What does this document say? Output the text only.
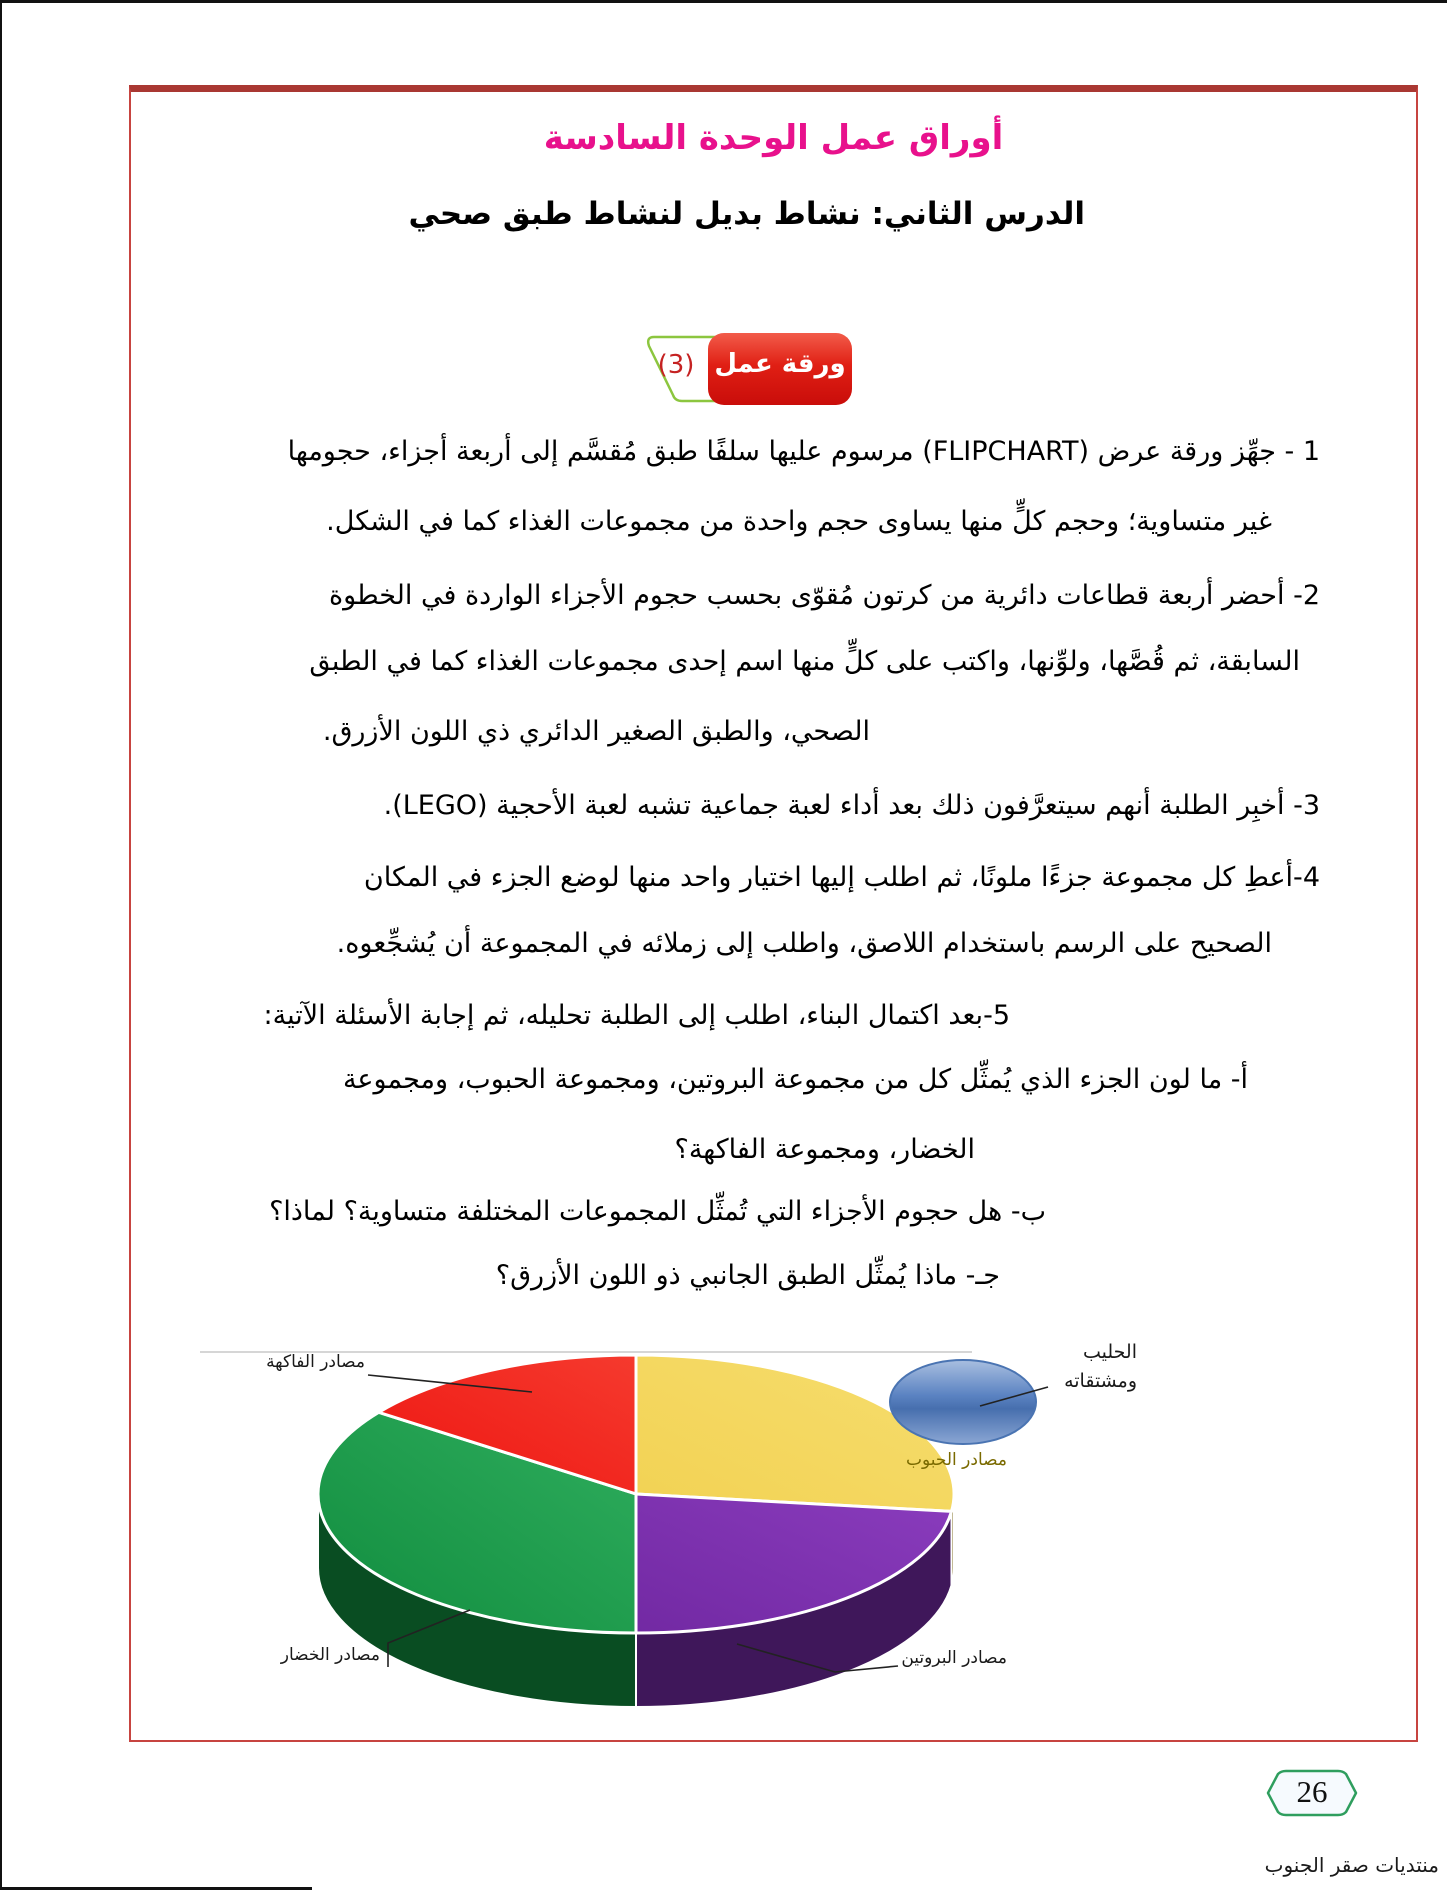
أوراق عمل الوحدة السادسة
الدرس الثاني: نشاط بديل لنشاط طبق صحي
(3) ورقة عمل
1 - جهِّز ورقة عرض (FLIPCHART) مرسوم عليها سلفًا طبق مُقسَّم إلى أربعة أجزاء، حجومها
غير متساوية؛ وحجم كلٍّ منها يساوى حجم واحدة من مجموعات الغذاء كما في الشكل.
2- أحضر أربعة قطاعات دائرية من كرتون مُقوّى بحسب حجوم الأجزاء الواردة في الخطوة
السابقة، ثم قُصَّها، ولوِّنها، واكتب على كلٍّ منها اسم إحدى مجموعات الغذاء كما في الطبق
الصحي، والطبق الصغير الدائري ذي اللون الأزرق.
3- أخبِر الطلبة أنهم سيتعرَّفون ذلك بعد أداء لعبة جماعية تشبه لعبة الأحجية (LEGO).
4-أعطِ كل مجموعة جزءًا ملونًا، ثم اطلب إليها اختيار واحد منها لوضع الجزء في المكان
الصحيح على الرسم باستخدام اللاصق، واطلب إلى زملائه في المجموعة أن يُشجِّعوه.
5-بعد اكتمال البناء، اطلب إلى الطلبة تحليله، ثم إجابة الأسئلة الآتية:
أ- ما لون الجزء الذي يُمثِّل كل من مجموعة البروتين، ومجموعة الحبوب، ومجموعة
الخضار، ومجموعة الفاكهة؟
ب- هل حجوم الأجزاء التي تُمثِّل المجموعات المختلفة متساوية؟ لماذا؟
جـ- ماذا يُمثِّل الطبق الجانبي ذو اللون الأزرق؟
مصادر الفاكهة	الحليب ومشتقاته
مصادر الحبوب
مصادر الخضار	مصادر البروتين
26
منتديات صقر الجنوب
